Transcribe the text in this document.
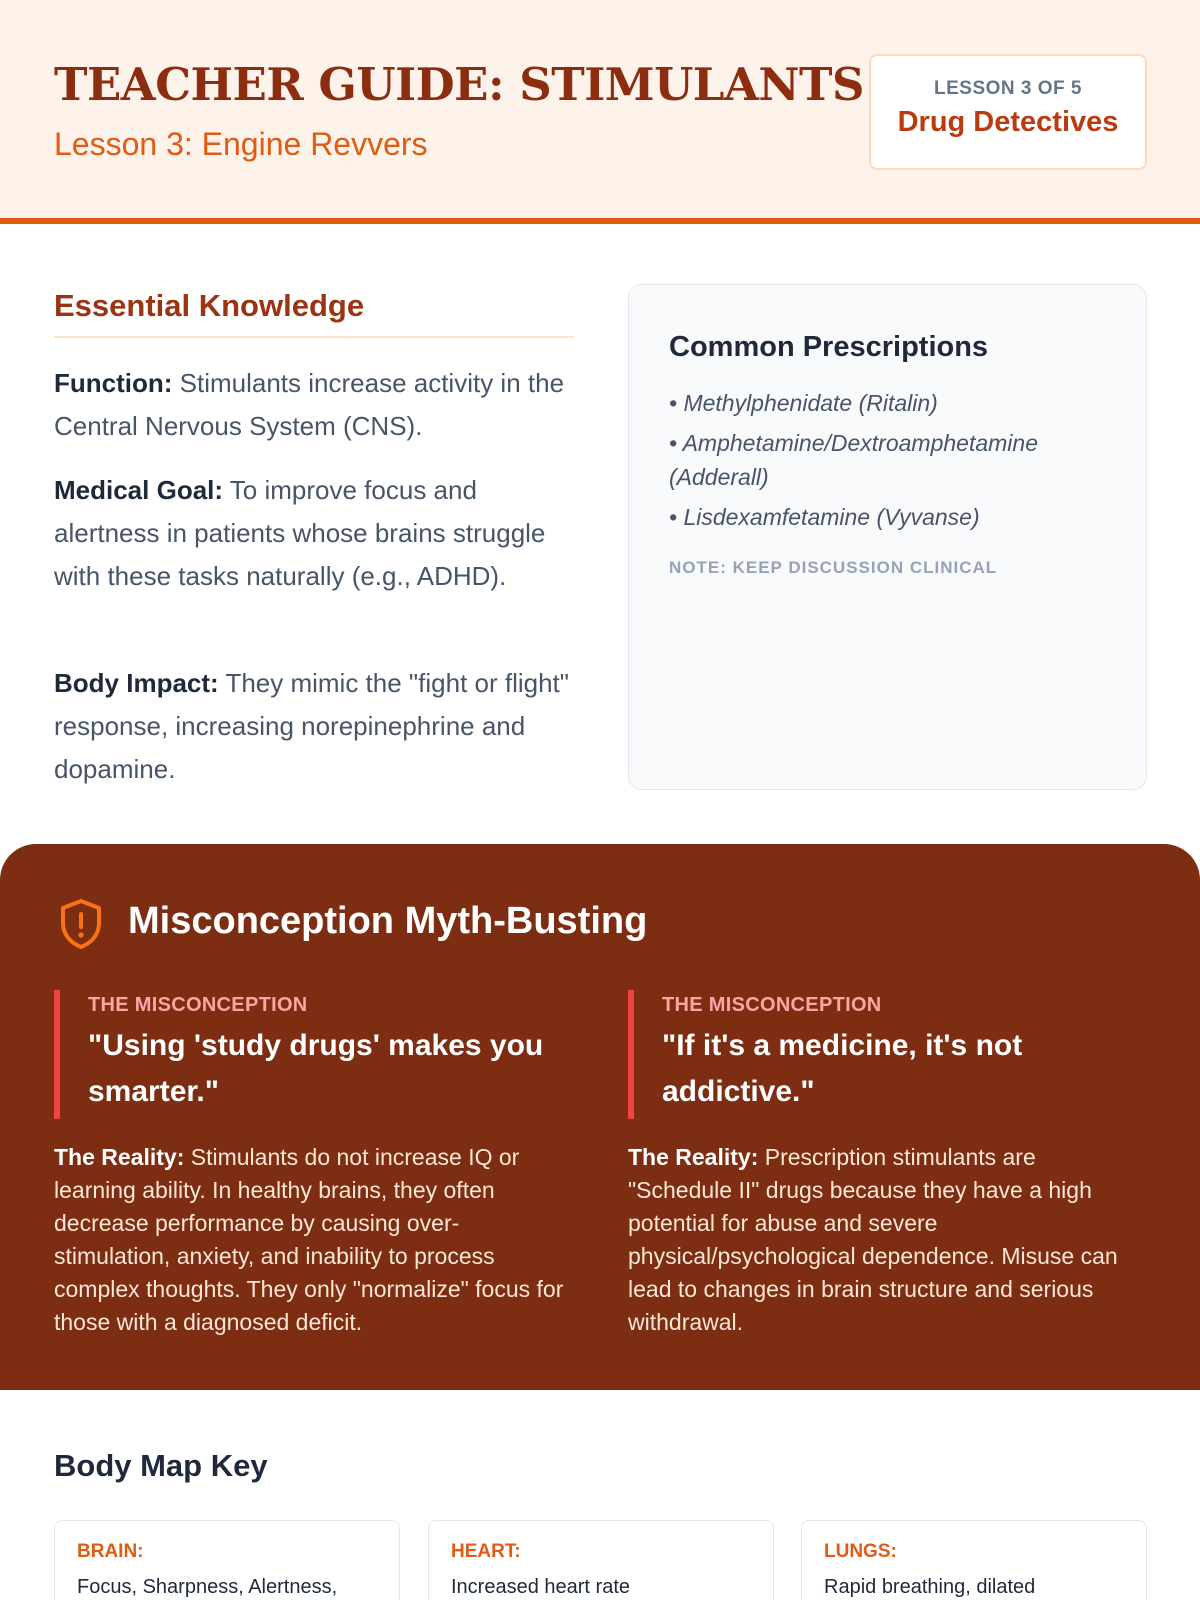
TEACHER GUIDE: STIMULANTS
Lesson 3: Engine Revvers
LESSON 3 OF 5
Drug Detectives
Essential Knowledge

Function: Stimulants increase activity in the Central Nervous System (CNS).

Medical Goal: To improve focus and alertness in patients whose brains struggle with these tasks naturally (e.g., ADHD).

Body Impact: They mimic the "fight or flight" response, increasing norepinephrine and dopamine.

Common Prescriptions
• Methylphenidate (Ritalin)
• Amphetamine/Dextroamphetamine (Adderall)
• Lisdexamfetamine (Vyvanse)
NOTE: KEEP DISCUSSION CLINICAL
Misconception Myth-Busting
THE MISCONCEPTION
"Using 'study drugs' makes you smarter."

The Reality: Stimulants do not increase IQ or learning ability. In healthy brains, they often decrease performance by causing over-stimulation, anxiety, and inability to process complex thoughts. They only "normalize" focus for those with a diagnosed deficit.

THE MISCONCEPTION
"If it's a medicine, it's not addictive."

The Reality: Prescription stimulants are "Schedule II" drugs because they have a high potential for abuse and severe physical/psychological dependence. Misuse can lead to changes in brain structure and serious withdrawal.

Body Map Key
BRAIN:
Focus, Sharpness, Alertness,
HEART:
Increased heart rate
LUNGS:
Rapid breathing, dilated
